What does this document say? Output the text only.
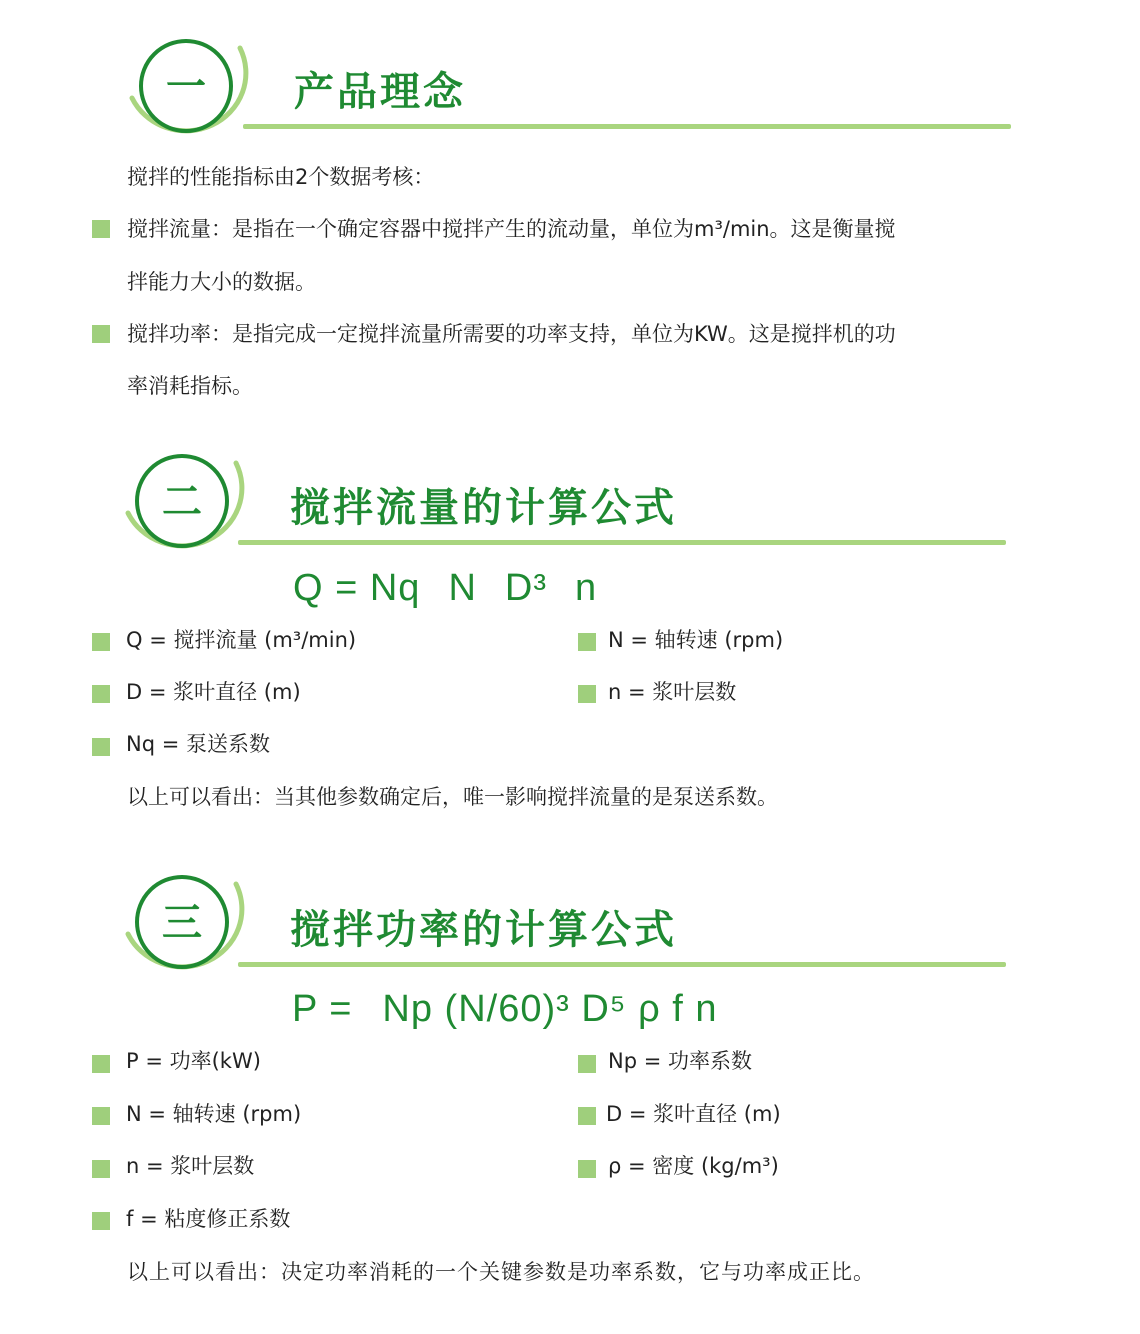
一 产品理念
搅拌的性能指标由2个数据考核：
搅拌流量：是指在一个确定容器中搅拌产生的流动量，单位为m³/min。这是衡量搅
拌能力大小的数据。
搅拌功率：是指完成一定搅拌流量所需要的功率支持，单位为KW。这是搅拌机的功
率消耗指标。
二 搅拌流量的计算公式
Q = Nq N D³ n
Q = 搅拌流量 (m³/min)	N = 轴转速 (rpm)
D = 浆叶直径 (m)	n = 浆叶层数
Nq = 泵送系数
以上可以看出：当其他参数确定后，唯一影响搅拌流量的是泵送系数。
三 搅拌功率的计算公式
P = Np (N/60)³ D⁵ ρ f n
P = 功率(kW)	Np = 功率系数
N = 轴转速 (rpm)	D = 浆叶直径 (m)
n = 浆叶层数	ρ = 密度 (kg/m³)
f = 粘度修正系数
以上可以看出：决定功率消耗的一个关键参数是功率系数，它与功率成正比。
